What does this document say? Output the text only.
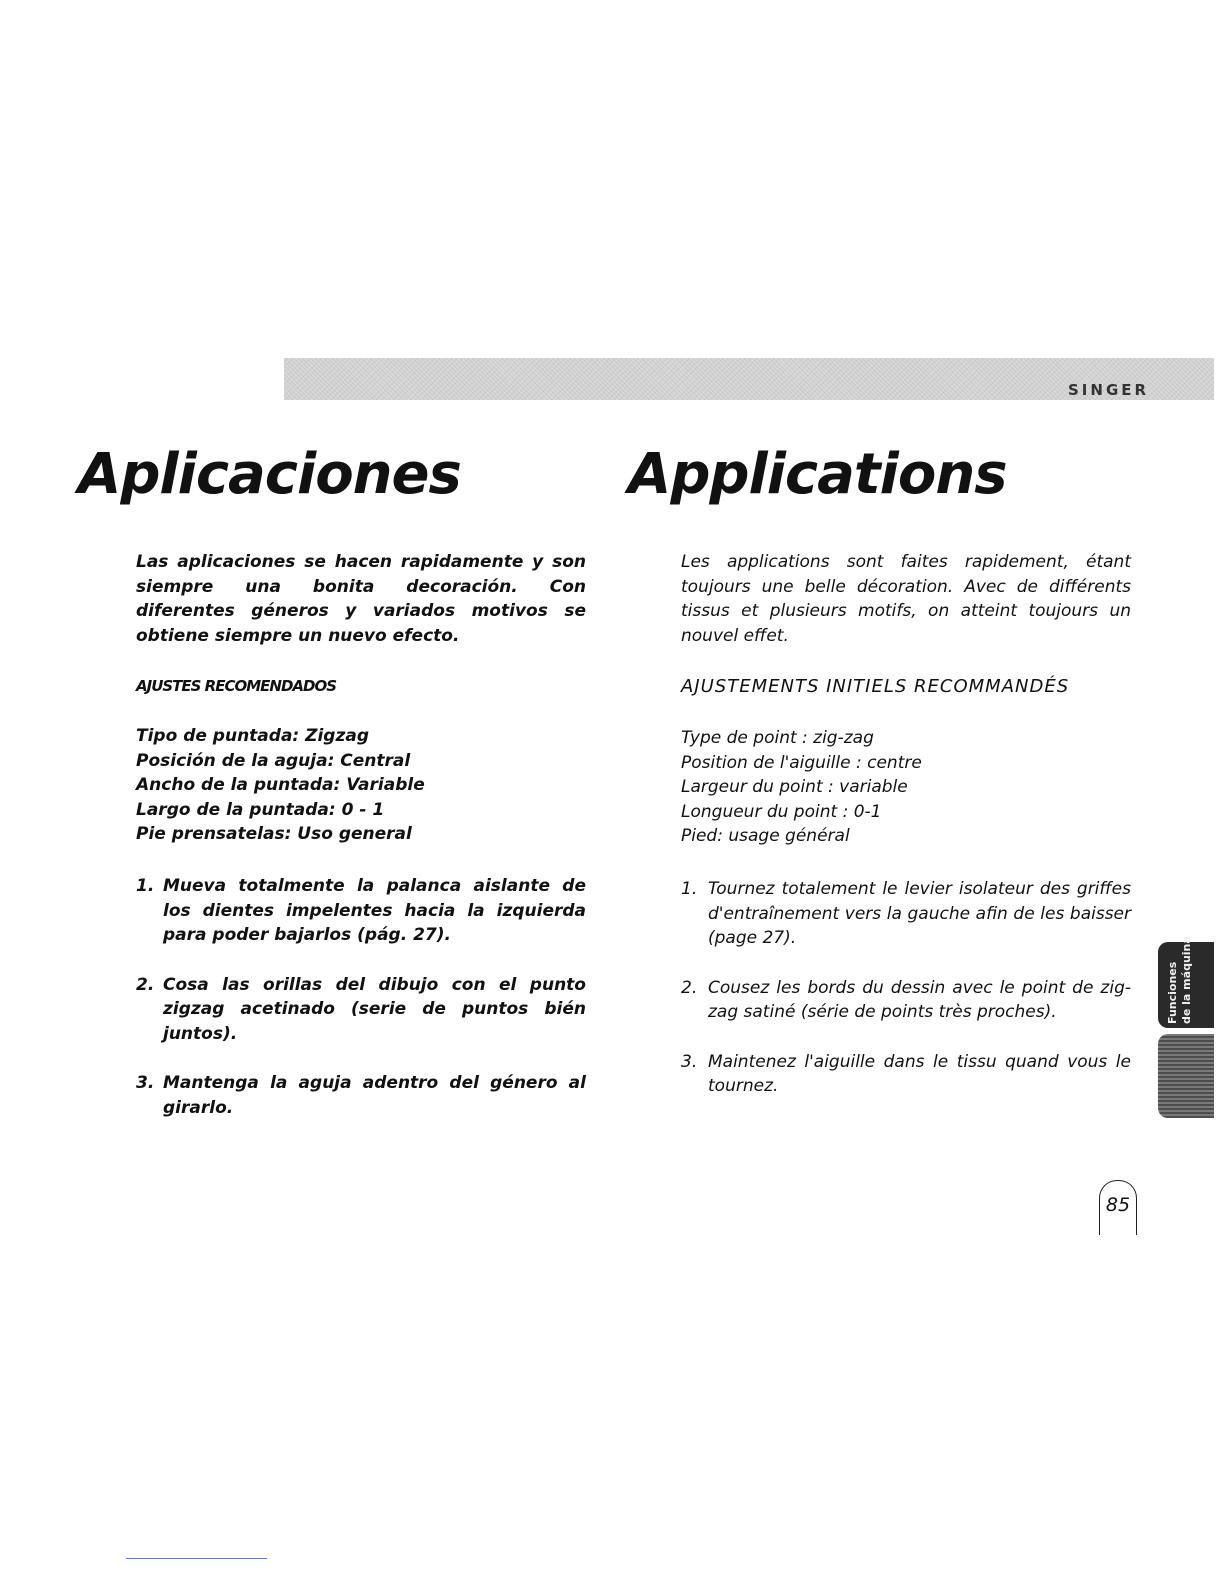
SINGER
Aplicaciones	Applications

Las aplicaciones se hacen rapidamente y son siempre una bonita decoración. Con diferentes géneros y variados motivos se obtiene siempre un nuevo efecto.

AJUSTES RECOMENDADOS

Tipo de puntada: Zigzag
Posición de la aguja: Central
Ancho de la puntada: Variable
Largo de la puntada: 0 - 1
Pie prensatelas: Uso general
1. Mueva totalmente la palanca aislante de los dientes impelentes hacia la izquierda para poder bajarlos (pág. 27).
2. Cosa las orillas del dibujo con el punto zigzag acetinado (serie de puntos bién juntos).
3. Mantenga la aguja adentro del género al girarlo.

Les applications sont faites rapidement, étant toujours une belle décoration. Avec de différents tissus et plusieurs motifs, on atteint toujours un nouvel effet.

AJUSTEMENTS INITIELS RECOMMANDÉS

Type de point : zig-zag
Position de l'aiguille : centre
Largeur du point : variable
Longueur du point : 0-1
Pied: usage général
1. Tournez totalement le levier isolateur des griffes d'entraînement vers la gauche afin de les baisser (page 27).
2. Cousez les bords du dessin avec le point de zig-zag satiné (série de points très proches).
3. Maintenez l'aiguille dans le tissu quand vous le tournez.
Funciones
de la máquina
85
